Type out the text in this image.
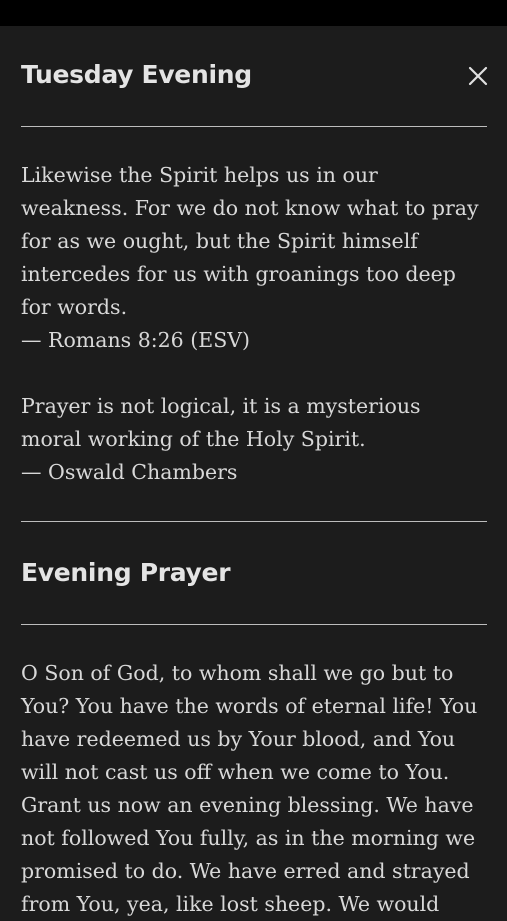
Tuesday Evening

Likewise the Spirit helps us in our
weakness. For we do not know what to pray
for as we ought, but the Spirit himself
intercedes for us with groanings too deep
for words.
— Romans 8:26 (ESV)

Prayer is not logical, it is a mysterious
moral working of the Holy Spirit.
— Oswald Chambers

Evening Prayer

O Son of God, to whom shall we go but to
You? You have the words of eternal life! You
have redeemed us by Your blood, and You
will not cast us off when we come to You.
Grant us now an evening blessing. We have
not followed You fully, as in the morning we
promised to do. We have erred and strayed
from You, yea, like lost sheep. We would
